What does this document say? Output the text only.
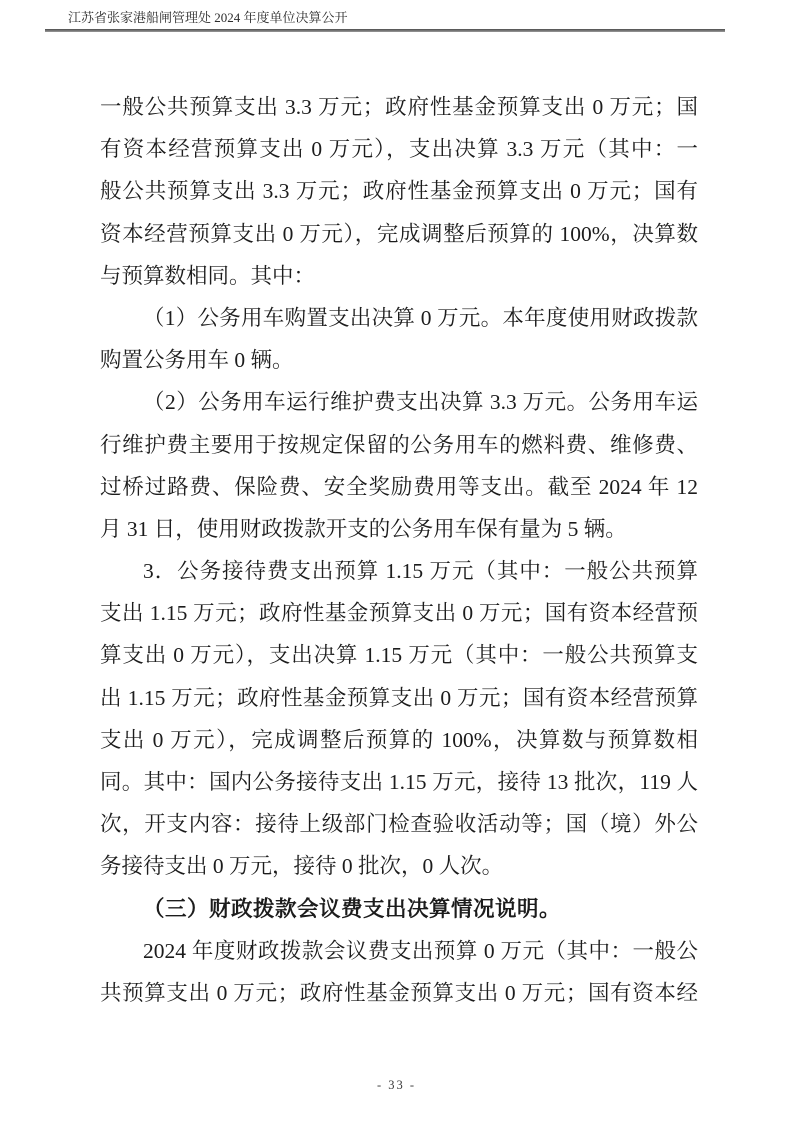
江苏省张家港船闸管理处 2024 年度单位决算公开
一般公共预算支出 3.3 万元；政府性基金预算支出 0 万元；国
有资本经营预算支出 0 万元），支出决算 3.3 万元（其中：一
般公共预算支出 3.3 万元；政府性基金预算支出 0 万元；国有
资本经营预算支出 0 万元），完成调整后预算的 100%，决算数
与预算数相同。其中：
（1）公务用车购置支出决算 0 万元。本年度使用财政拨款
购置公务用车 0 辆。
（2）公务用车运行维护费支出决算 3.3 万元。公务用车运
行维护费主要用于按规定保留的公务用车的燃料费、维修费、
过桥过路费、保险费、安全奖励费用等支出。截至 2024 年 12
月 31 日，使用财政拨款开支的公务用车保有量为 5 辆。
3．公务接待费支出预算 1.15 万元（其中：一般公共预算
支出 1.15 万元；政府性基金预算支出 0 万元；国有资本经营预
算支出 0 万元），支出决算 1.15 万元（其中：一般公共预算支
出 1.15 万元；政府性基金预算支出 0 万元；国有资本经营预算
支出 0 万元），完成调整后预算的 100%，决算数与预算数相
同。其中：国内公务接待支出 1.15 万元，接待 13 批次，119 人
次，开支内容：接待上级部门检查验收活动等；国（境）外公
务接待支出 0 万元，接待 0 批次，0 人次。
（三）财政拨款会议费支出决算情况说明。
2024 年度财政拨款会议费支出预算 0 万元（其中：一般公
共预算支出 0 万元；政府性基金预算支出 0 万元；国有资本经
- 33 -
